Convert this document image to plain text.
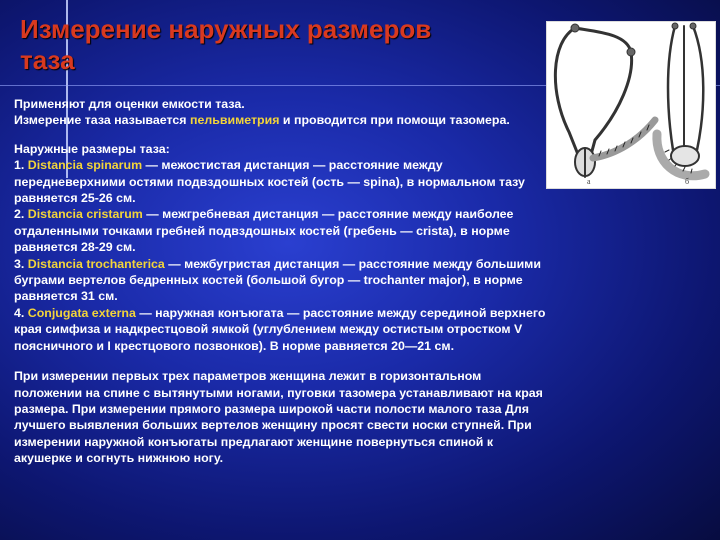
Измерение наружных размеров таза

Применяют для оценки емкости таза.
Измерение таза называется пельвиметрия и проводится при помощи тазомера.

Наружные размеры таза:
1. Distancia spinarum — межостистая дистанция — расстояние между передневерхними остями подвздошных костей (ость — spina), в нормальном тазу равняется 25-26 см.
2. Distancia cristarum — межгребневая дистанция — расстояние между наиболее отдаленными точками гребней подвздошных костей (гребень — crista), в норме равняется 28-29 см.
3. Distancia trochanterica — межбугристая дистанция — расстояние между большими буграми вертелов бедренных костей (большой бугор — trochanter major), в норме равняется 31 см.
4. Conjugata externa — наружная конъюгата — расстояние между серединой верхнего края симфиза и надкрестцовой ямкой (углублением между остистым отростком V поясничного и I крестцового позвонков). В норме равняется 20—21 см.

При измерении первых трех параметров женщина лежит в горизонтальном положении на спине с вытянутыми ногами, пуговки тазомера устанавливают на края размера. При измерении прямого размера широкой части полости малого таза Для лучшего выявления больших вертелов женщину просят свести носки ступней. При измерении наружной конъюгаты предлагают женщине повернуться спиной к акушерке и согнуть нижнюю ногу.

а	б
